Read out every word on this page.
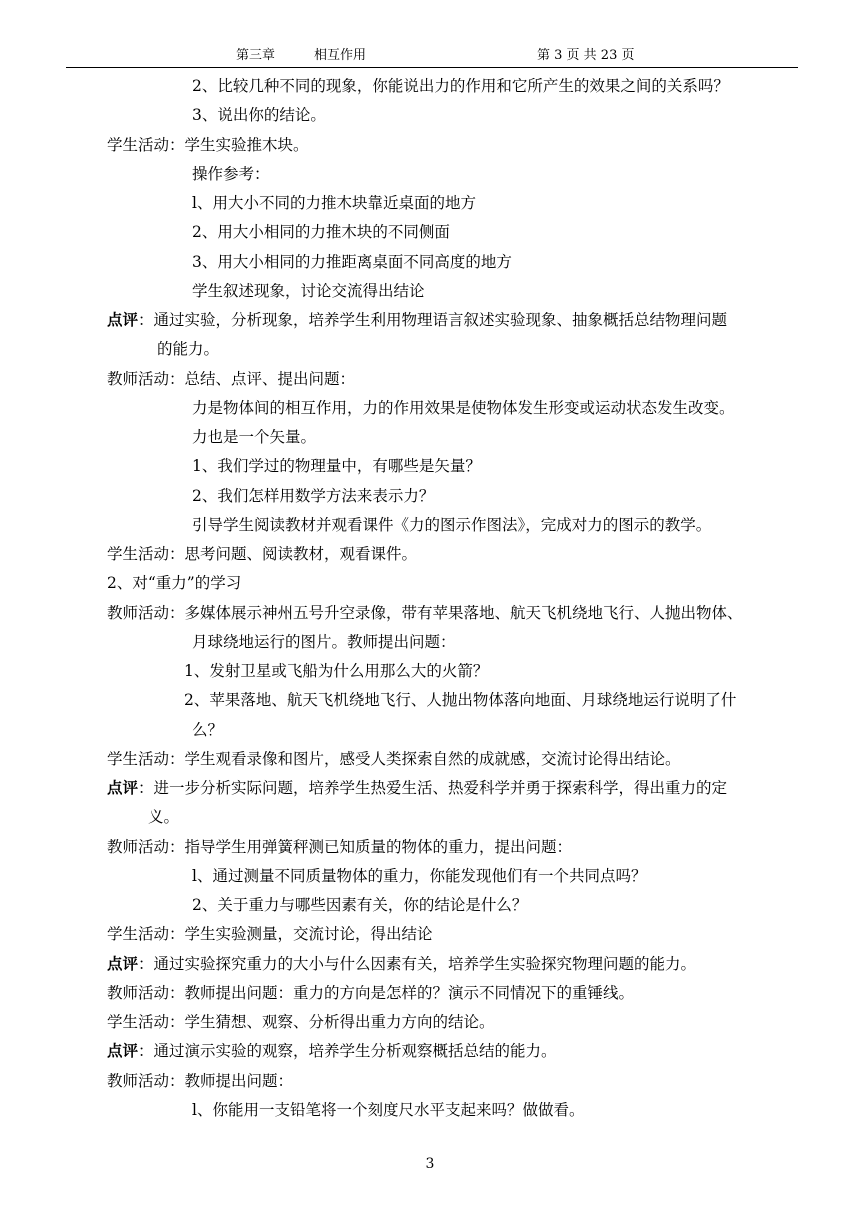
第三章	相互作用	第 3 页 共 23 页
2、比较几种不同的现象，你能说出力的作用和它所产生的效果之间的关系吗？
3、说出你的结论。
学生活动：学生实验推木块。
操作参考：
l、用大小不同的力推木块靠近桌面的地方
2、用大小相同的力推木块的不同侧面
3、用大小相同的力推距离桌面不同高度的地方
学生叙述现象，讨论交流得出结论
点评：通过实验，分析现象，培养学生利用物理语言叙述实验现象、抽象概括总结物理问题
的能力。
教师活动：总结、点评、提出问题：
力是物体间的相互作用，力的作用效果是使物体发生形变或运动状态发生改变。
力也是一个矢量。
1、我们学过的物理量中，有哪些是矢量？
2、我们怎样用数学方法来表示力？
引导学生阅读教材并观看课件《力的图示作图法》，完成对力的图示的教学。
学生活动：思考问题、阅读教材，观看课件。
2、对“重力”的学习
教师活动：多媒体展示神州五号升空录像，带有苹果落地、航天飞机绕地飞行、人抛出物体、
月球绕地运行的图片。教师提出问题：
1、发射卫星或飞船为什么用那么大的火箭？
2、苹果落地、航天飞机绕地飞行、人抛出物体落向地面、月球绕地运行说明了什
么？
学生活动：学生观看录像和图片，感受人类探索自然的成就感，交流讨论得出结论。
点评：进一步分析实际问题，培养学生热爱生活、热爱科学并勇于探索科学，得出重力的定
义。
教师活动：指导学生用弹簧秤测已知质量的物体的重力，提出问题：
l、通过测量不同质量物体的重力，你能发现他们有一个共同点吗？
2、关于重力与哪些因素有关，你的结论是什么？
学生活动：学生实验测量，交流讨论，得出结论
点评：通过实验探究重力的大小与什么因素有关，培养学生实验探究物理问题的能力。
教师活动：教师提出问题：重力的方向是怎样的？演示不同情况下的重锤线。
学生活动：学生猜想、观察、分析得出重力方向的结论。
点评：通过演示实验的观察，培养学生分析观察概括总结的能力。
教师活动：教师提出问题：
l、你能用一支铅笔将一个刻度尺水平支起来吗？做做看。
3
